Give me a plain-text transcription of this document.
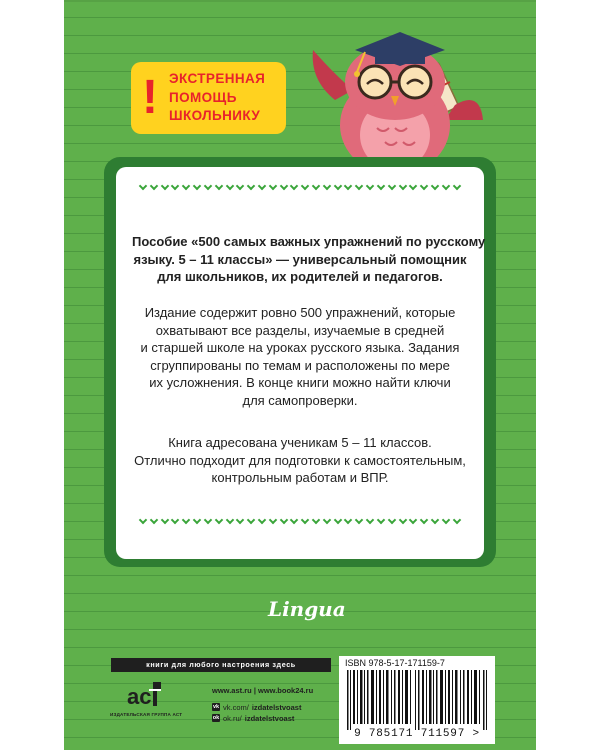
! ЭКСТРЕННАЯ
ПОМОЩЬ
ШКОЛЬНИКУ
Пособие «500 самых важных упражнений по русскому
языку. 5 – 11 классы» — универсальный помощник
для школьников, их родителей и педагогов.
Издание содержит ровно 500 упражнений, которые
охватывают все разделы, изучаемые в средней
и старшей школе на уроках русского языка. Задания
сгруппированы по темам и расположены по мере
их усложнения. В конце книги можно найти ключи
для самопроверки.
Книга адресована ученикам 5 – 11 классов.
Отлично подходит для подготовки к самостоятельным,
контрольным работам и ВПР.
Lingua
книги для любого настроения здесь
ac
ИЗДАТЕЛЬСКАЯ ГРУППА АСТ
www.ast.ru | www.book24.ru
vk vk.com/ izdatelstvoast
ok ok.ru/ izdatelstvoast
ISBN 978-5-17-171159-7
9 785171 711597 >
